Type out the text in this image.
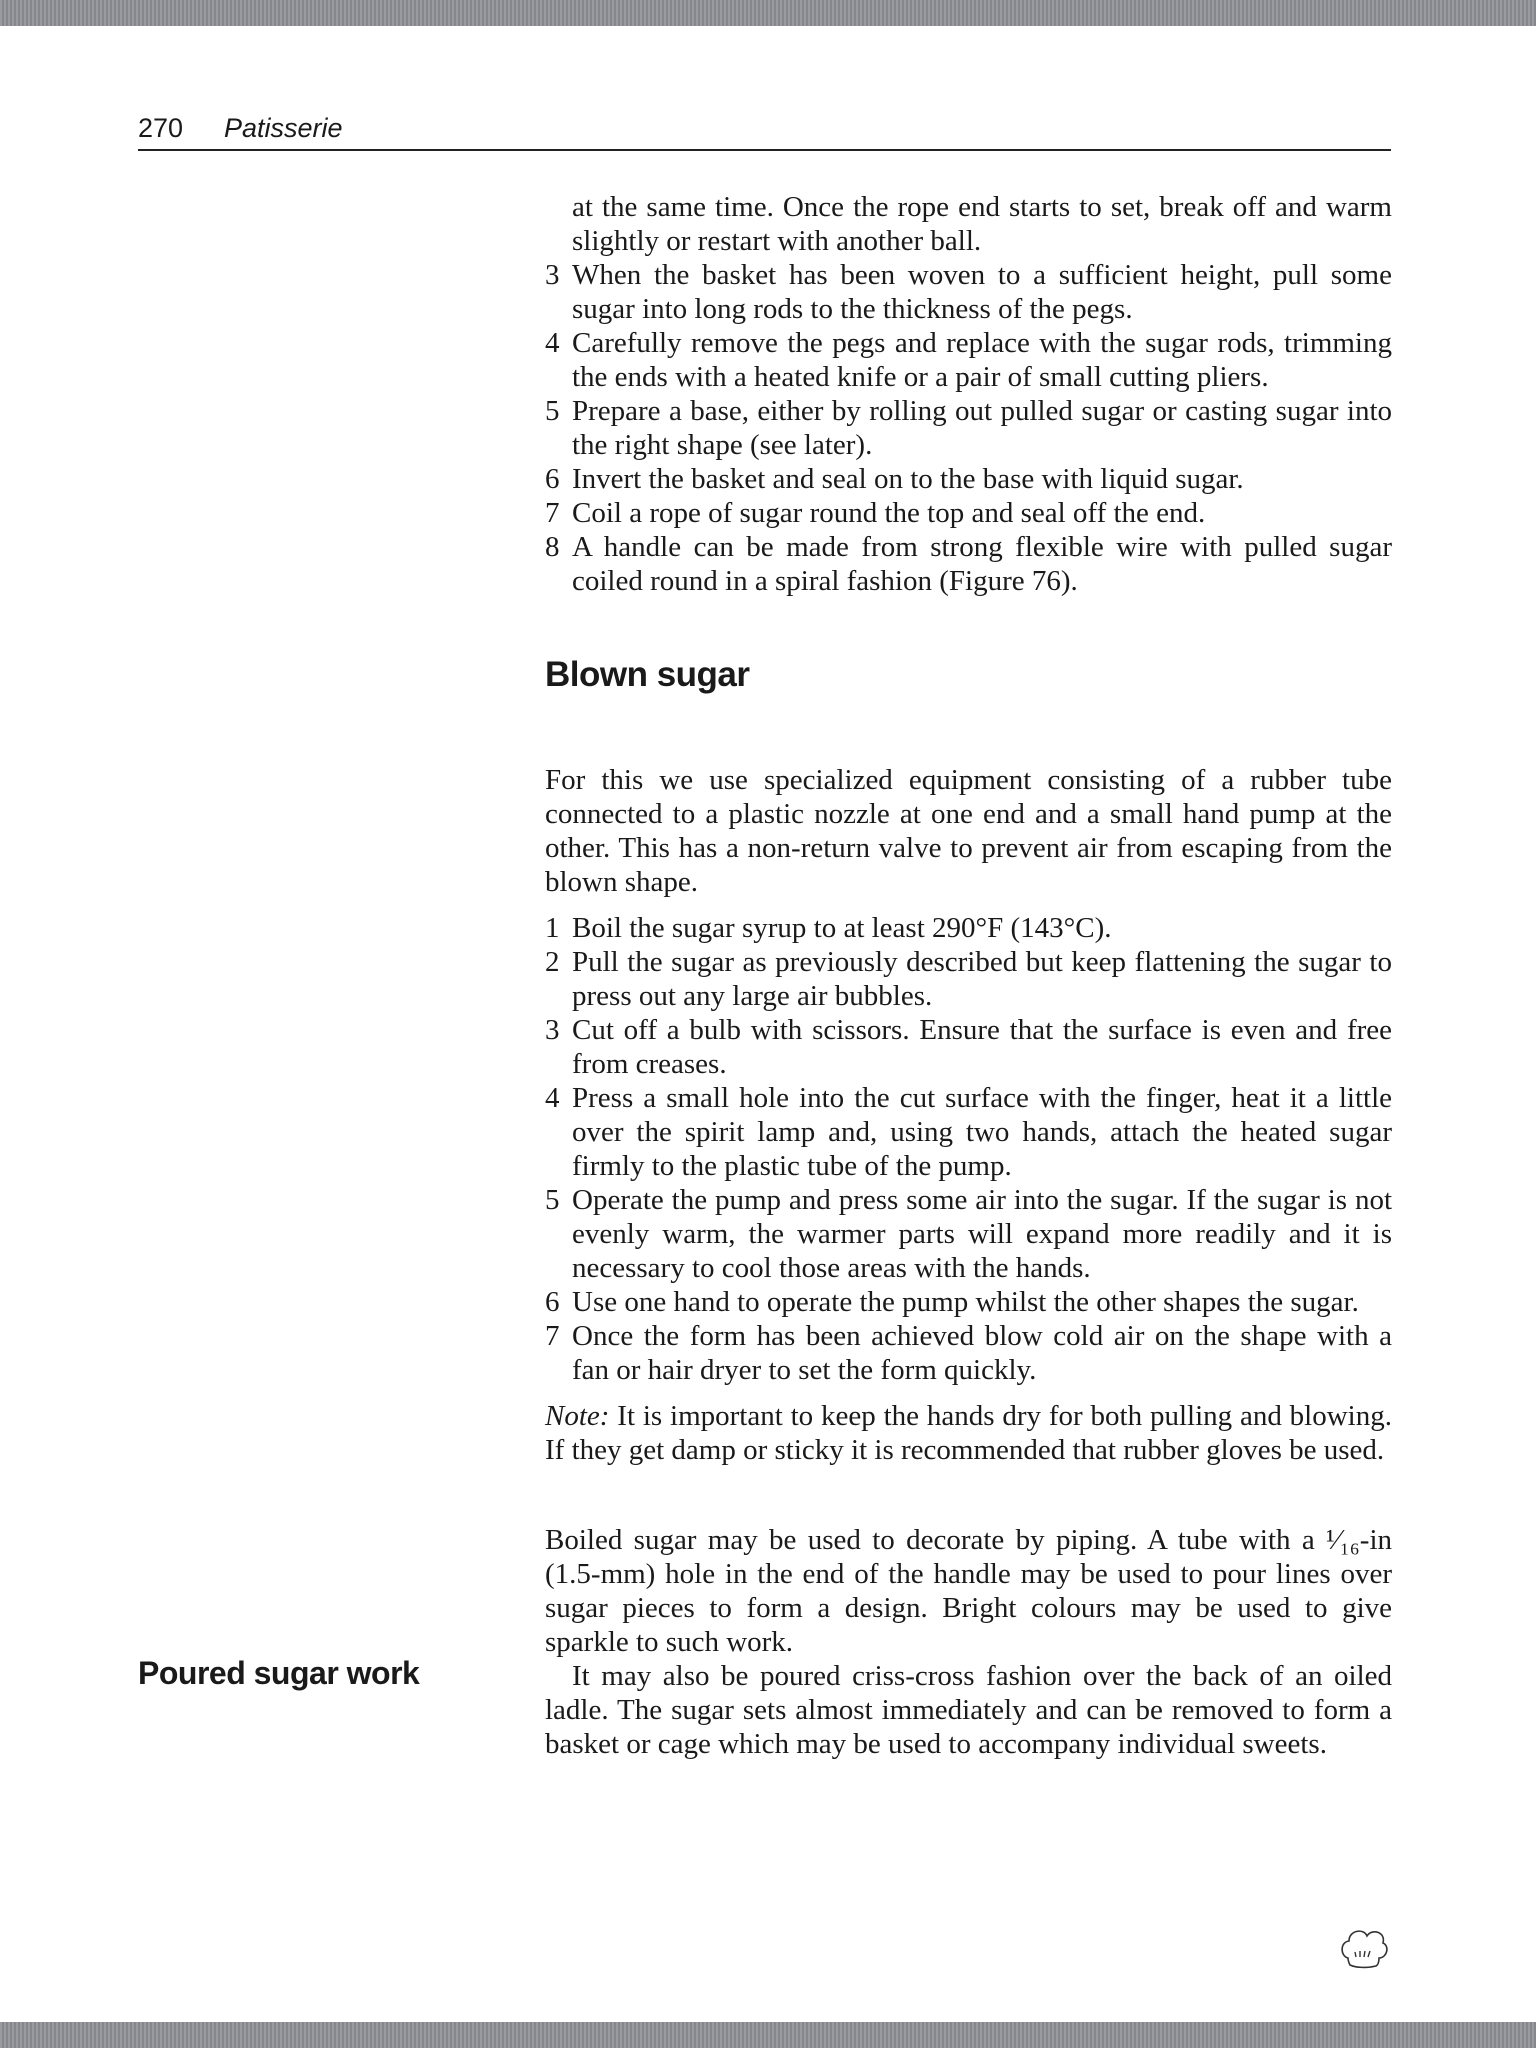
270 Patisserie
at the same time. Once the rope end starts to set, break off and warm slightly or restart with another ball.
3 When the basket has been woven to a sufficient height, pull some sugar into long rods to the thickness of the pegs.
4 Carefully remove the pegs and replace with the sugar rods, trimming the ends with a heated knife or a pair of small cutting pliers.
5 Prepare a base, either by rolling out pulled sugar or casting sugar into the right shape (see later).
6 Invert the basket and seal on to the base with liquid sugar.
7 Coil a rope of sugar round the top and seal off the end.
8 A handle can be made from strong flexible wire with pulled sugar coiled round in a spiral fashion (Figure 76).
Blown sugar

For this we use specialized equipment consisting of a rubber tube connected to a plastic nozzle at one end and a small hand pump at the other. This has a non-return valve to prevent air from escaping from the blown shape.

1 Boil the sugar syrup to at least 290°F (143°C).
2 Pull the sugar as previously described but keep flattening the sugar to press out any large air bubbles.
3 Cut off a bulb with scissors. Ensure that the surface is even and free from creases.
4 Press a small hole into the cut surface with the finger, heat it a little over the spirit lamp and, using two hands, attach the heated sugar firmly to the plastic tube of the pump.
5 Operate the pump and press some air into the sugar. If the sugar is not evenly warm, the warmer parts will expand more readily and it is necessary to cool those areas with the hands.
6 Use one hand to operate the pump whilst the other shapes the sugar.
7 Once the form has been achieved blow cold air on the shape with a fan or hair dryer to set the form quickly.

Note: It is important to keep the hands dry for both pulling and blowing. If they get damp or sticky it is recommended that rubber gloves be used.

Boiled sugar may be used to decorate by piping. A tube with a ¹⁄₁₆-in (1.5-mm) hole in the end of the handle may be used to pour lines over sugar pieces to form a design. Bright colours may be used to give sparkle to such work.

It may also be poured criss-cross fashion over the back of an oiled ladle. The sugar sets almost immediately and can be removed to form a basket or cage which may be used to accompany individual sweets.

Poured sugar work
